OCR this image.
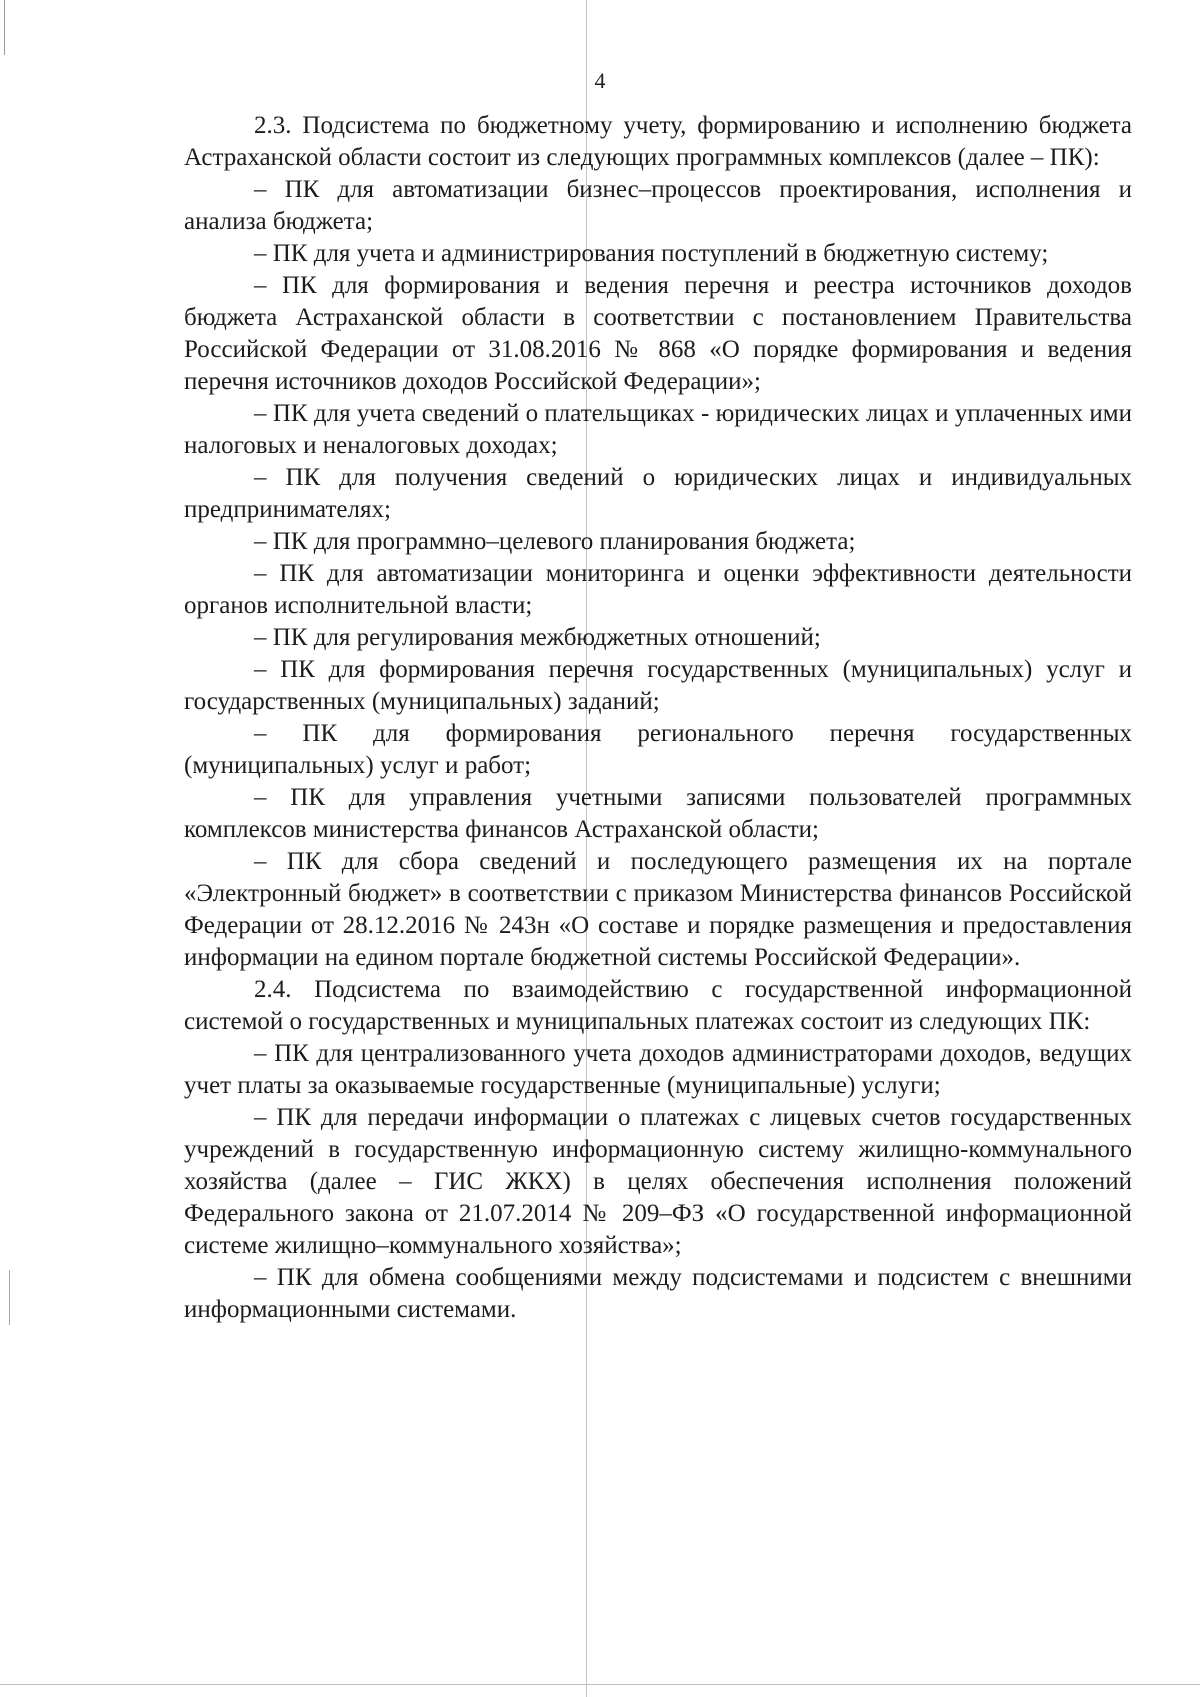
4

2.3. Подсистема по бюджетному учету, формированию и исполнению бюджета Астраханской области состоит из следующих программных комплексов (далее – ПК):

– ПК для автоматизации бизнес–процессов проектирования, исполнения и анализа бюджета;

– ПК для учета и администрирования поступлений в бюджетную систему;

– ПК для формирования и ведения перечня и реестра источников доходов бюджета Астраханской области в соответствии с постановлением Правительства Российской Федерации от 31.08.2016 № 868 «О порядке формирования и ведения перечня источников доходов Российской Федерации»;

– ПК для учета сведений о плательщиках - юридических лицах и уплаченных ими налоговых и неналоговых доходах;

– ПК для получения сведений о юридических лицах и индивидуальных предпринимателях;

– ПК для программно–целевого планирования бюджета;

– ПК для автоматизации мониторинга и оценки эффективности деятельности органов исполнительной власти;

– ПК для регулирования межбюджетных отношений;

– ПК для формирования перечня государственных (муниципальных) услуг и государственных (муниципальных) заданий;

– ПК для формирования регионального перечня государственных (муниципальных) услуг и работ;

– ПК для управления учетными записями пользователей программных комплексов министерства финансов Астраханской области;

– ПК для сбора сведений и последующего размещения их на портале «Электронный бюджет» в соответствии с приказом Министерства финансов Российской Федерации от 28.12.2016 № 243н «О составе и порядке размещения и предоставления информации на едином портале бюджетной системы Российской Федерации».

2.4. Подсистема по взаимодействию с государственной информационной системой о государственных и муниципальных платежах состоит из следующих ПК:

– ПК для централизованного учета доходов администраторами доходов, ведущих учет платы за оказываемые государственные (муниципальные) услуги;

– ПК для передачи информации о платежах с лицевых счетов государственных учреждений в государственную информационную систему жилищно-коммунального хозяйства (далее – ГИС ЖКХ) в целях обеспечения исполнения положений Федерального закона от 21.07.2014 № 209–ФЗ «О государственной информационной системе жилищно–коммунального хозяйства»;

– ПК для обмена сообщениями между подсистемами и подсистем с внешними информационными системами.
